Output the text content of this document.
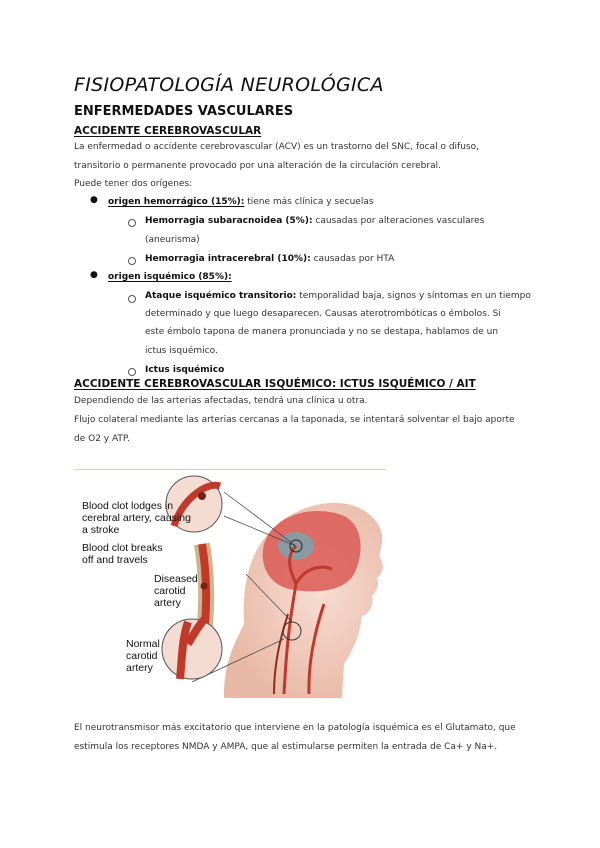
FISIOPATOLOGÍA NEUROLÓGICA
ENFERMEDADES VASCULARES
ACCIDENTE CEREBROVASCULAR
La enfermedad o accidente cerebrovascular (ACV) es un trastorno del SNC, focal o difuso,
transitorio o permanente provocado por una alteración de la circulación cerebral.
Puede tener dos orígenes:
● origen hemorrágico (15%): tiene más clínica y secuelas
Hemorragia subaracnoidea (5%): causadas por alteraciones vasculares
(aneurisma)
Hemorragia intracerebral (10%): causadas por HTA
● origen isquémico (85%):
Ataque isquémico transitorio: temporalidad baja, signos y síntomas en un tiempo
determinado y que luego desaparecen. Causas aterotrombóticas o émbolos. Si
este émbolo tapona de manera pronunciada y no se destapa, hablamos de un
ictus isquémico.
Ictus isquémico
ACCIDENTE CEREBROVASCULAR ISQUÉMICO: ICTUS ISQUÉMICO / AIT
Dependiendo de las arterias afectadas, tendrá una clínica u otra.
Flujo colateral mediante las arterias cercanas a la taponada, se intentará solventar el bajo aporte
de O2 y ATP.
Blood clot lodges in
cerebral artery, causing
a stroke
Blood clot breaks
off and travels
Diseased
carotid
artery
Normal
carotid
artery
El neurotransmisor más excitatorio que interviene en la patología isquémica es el Glutamato, que
estimula los receptores NMDA y AMPA, que al estimularse permiten la entrada de Ca+ y Na+.
